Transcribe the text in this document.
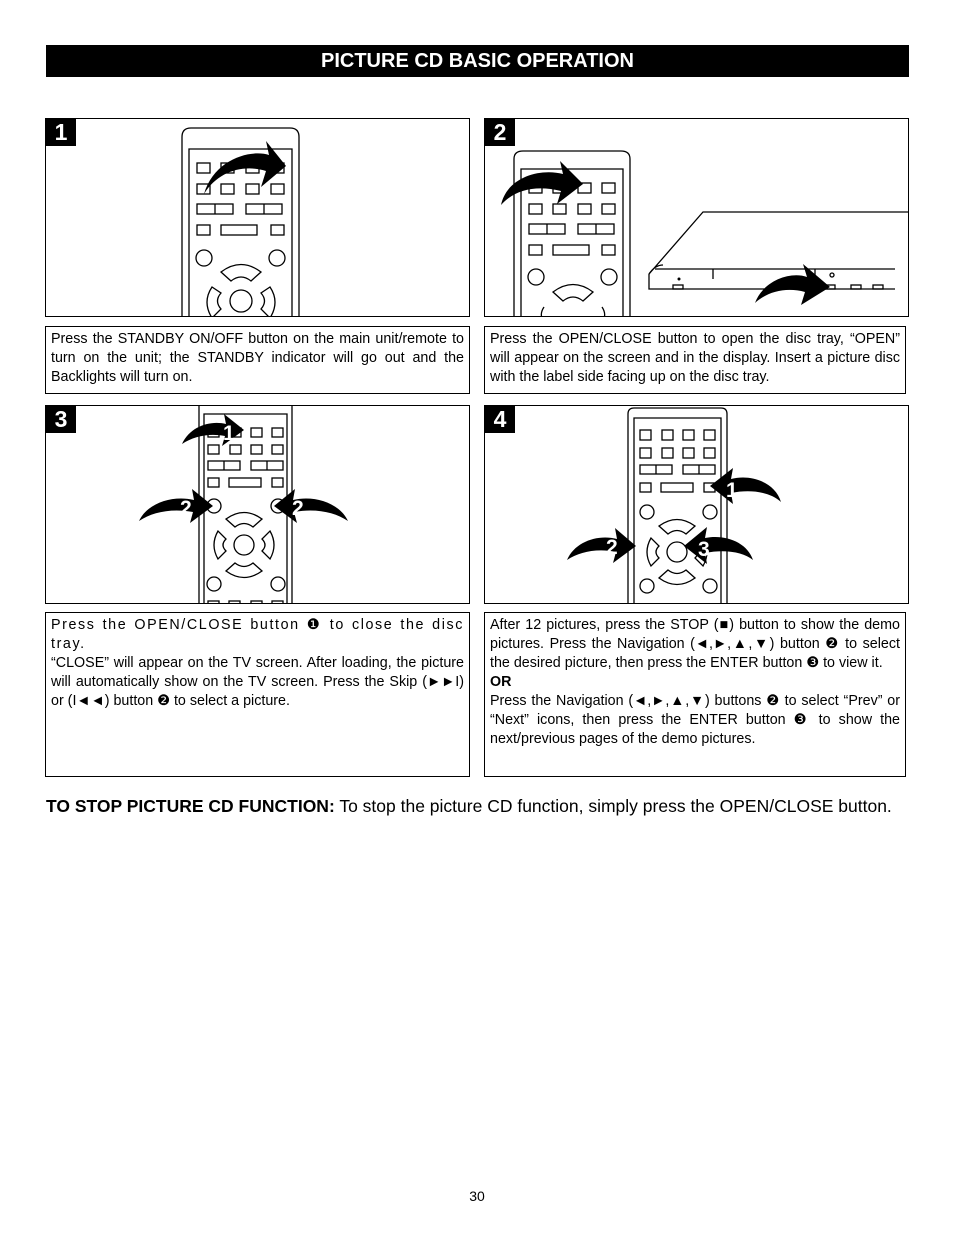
PICTURE CD BASIC OPERATION
1	2

Press the STANDBY ON/OFF button on the main unit/remote to turn on the unit; the STANDBY indicator will go out and the Backlights will turn on.

Press the OPEN/CLOSE button to open the disc tray, “OPEN” will appear on the screen and in the display. Insert a picture disc with the label side facing up on the disc tray.

3
1
2	2
4
1
2	3

Press the OPEN/CLOSE button ❶ to close the disc tray.

“CLOSE” will appear on the TV screen. After loading, the picture will automatically show on the TV screen. Press the Skip (►►I) or (I◄◄) button ❷ to select a picture.

After 12 pictures, press the STOP (■) button to show the demo pictures. Press the Navigation (◄,►,▲,▼) button ❷ to select the desired picture, then press the ENTER button ❸ to view it.

OR

Press the Navigation (◄,►,▲,▼) buttons ❷ to select “Prev” or “Next” icons, then press the ENTER button ❸ to show the next/previous pages of the demo pictures.

TO STOP PICTURE CD FUNCTION: To stop the picture CD function, simply press the OPEN/CLOSE button.
30
